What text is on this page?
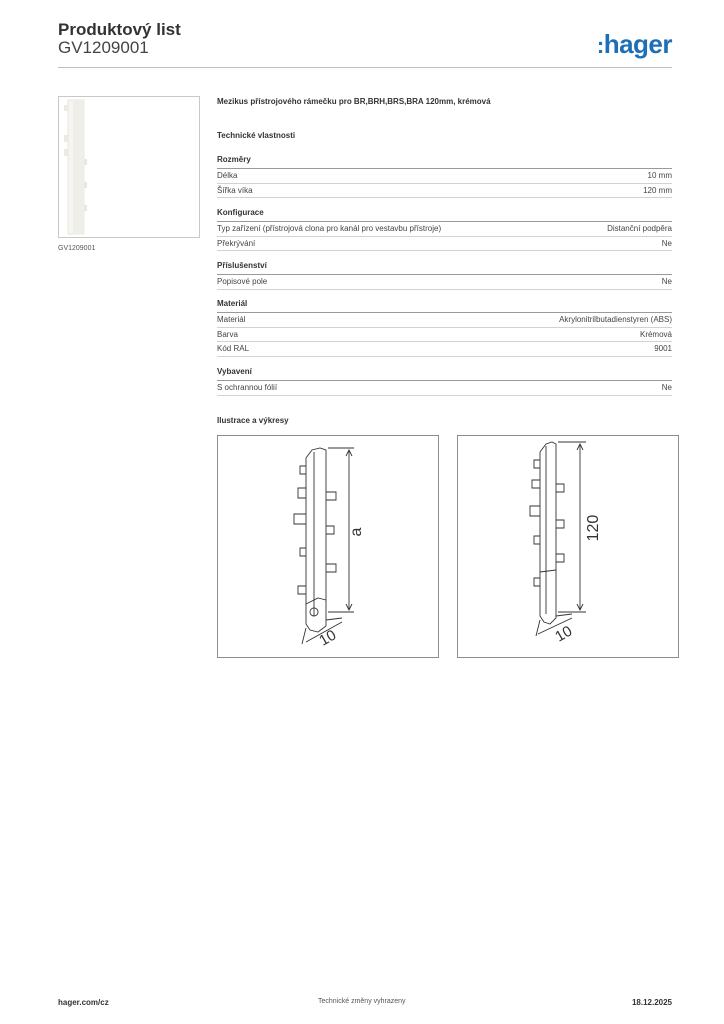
Produktový list
GV1209001	:hager
GV1209001
Mezikus přístrojového rámečku pro BR,BRH,BRS,BRA 120mm, krémová
Technické vlastnosti
Rozměry
Délka	10 mm
Šířka víka	120 mm
Konfigurace
Typ zařízení (přístrojová clona pro kanál pro vestavbu přístroje)	Distanční podpěra
Překrývání	Ne
Příslušenství
Popisové pole	Ne
Materiál
Materiál	Akrylonitrilbutadienstyren (ABS)
Barva	Krémová
Kód RAL	9001
Vybavení
S ochrannou fólií	Ne
Ilustrace a výkresy
a
10
120
10
hager.com/cz	Technické změny vyhrazeny	18.12.2025
